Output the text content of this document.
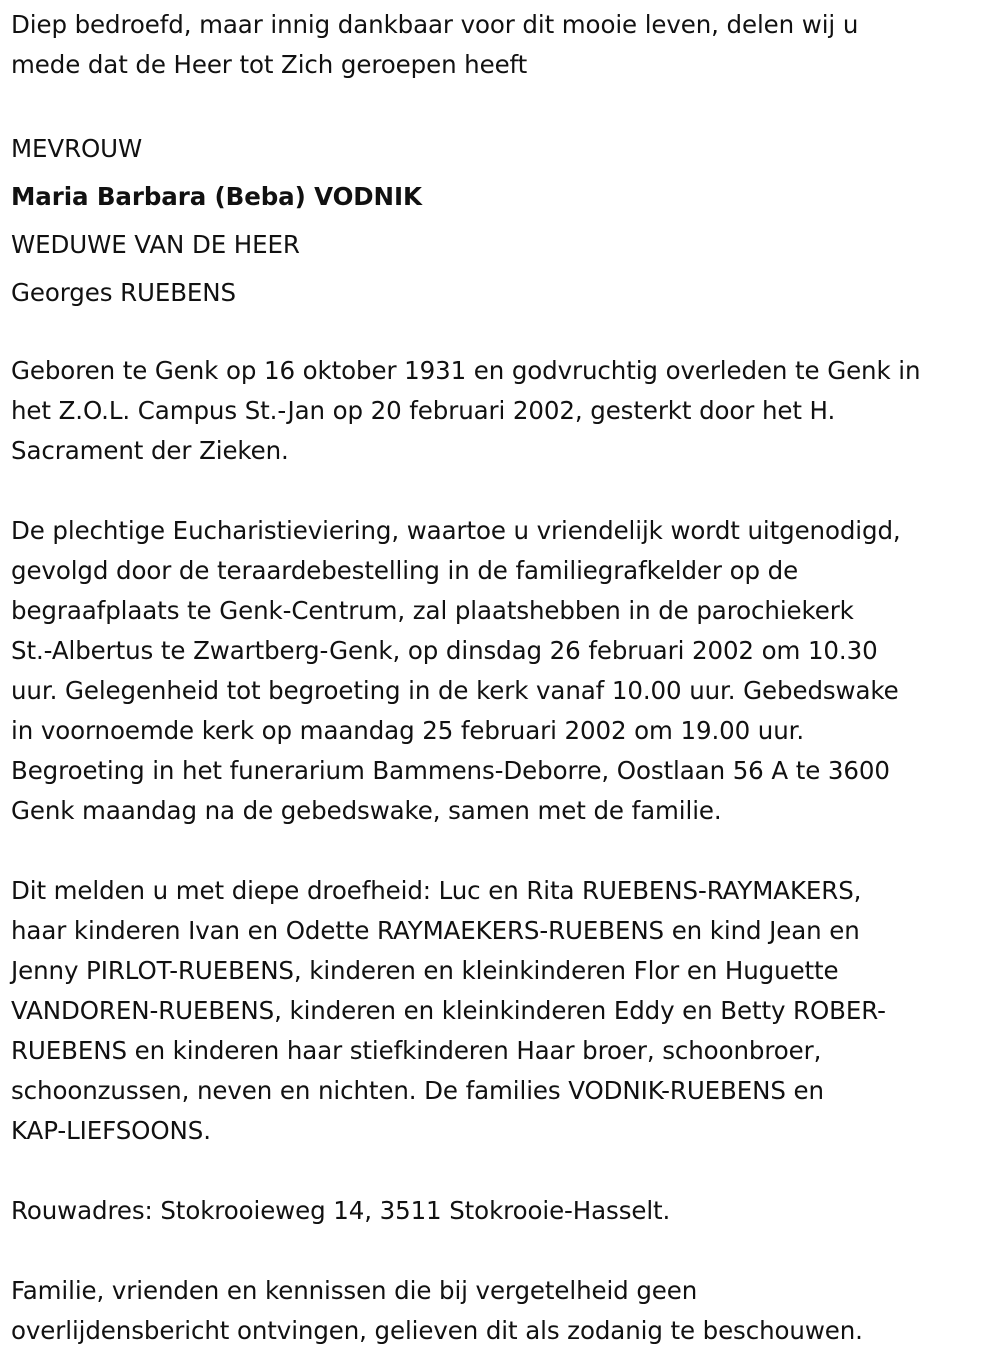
Diep bedroefd, maar innig dankbaar voor dit mooie leven, delen wij u
mede dat de Heer tot Zich geroepen heeft

MEVROUW
Maria Barbara (Beba) VODNIK
WEDUWE VAN DE HEER
Georges RUEBENS

Geboren te Genk op 16 oktober 1931 en godvruchtig overleden te Genk in
het Z.O.L. Campus St.-Jan op 20 februari 2002, gesterkt door het H.
Sacrament der Zieken.

De plechtige Eucharistieviering, waartoe u vriendelijk wordt uitgenodigd,
gevolgd door de teraardebestelling in de familiegrafkelder op de
begraafplaats te Genk-Centrum, zal plaatshebben in de parochiekerk
St.-Albertus te Zwartberg-Genk, op dinsdag 26 februari 2002 om 10.30
uur. Gelegenheid tot begroeting in de kerk vanaf 10.00 uur. Gebedswake
in voornoemde kerk op maandag 25 februari 2002 om 19.00 uur.
Begroeting in het funerarium Bammens-Deborre, Oostlaan 56 A te 3600
Genk maandag na de gebedswake, samen met de familie.

Dit melden u met diepe droefheid: Luc en Rita RUEBENS-RAYMAKERS,
haar kinderen Ivan en Odette RAYMAEKERS-RUEBENS en kind Jean en
Jenny PIRLOT-RUEBENS, kinderen en kleinkinderen Flor en Huguette
VANDOREN-RUEBENS, kinderen en kleinkinderen Eddy en Betty ROBER-
RUEBENS en kinderen haar stiefkinderen Haar broer, schoonbroer,
schoonzussen, neven en nichten. De families VODNIK-RUEBENS en
KAP-LIEFSOONS.

Rouwadres: Stokrooieweg 14, 3511 Stokrooie-Hasselt.

Familie, vrienden en kennissen die bij vergetelheid geen
overlijdensbericht ontvingen, gelieven dit als zodanig te beschouwen.
